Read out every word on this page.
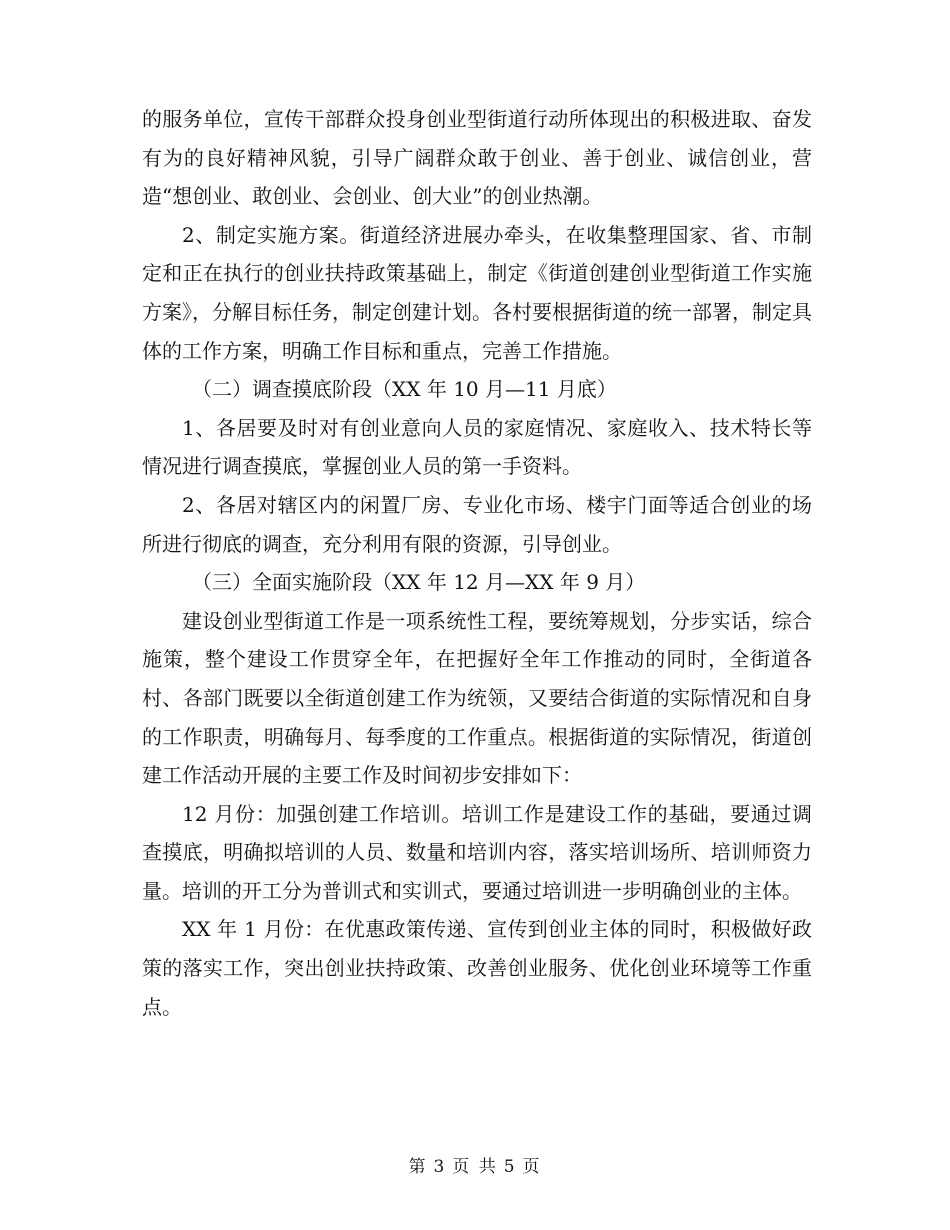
的服务单位，宣传干部群众投身创业型街道行动所体现出的积极进取、奋发有为的良好精神风貌，引导广阔群众敢于创业、善于创业、诚信创业，营造“想创业、敢创业、会创业、创大业”的创业热潮。

2、制定实施方案。街道经济进展办牵头，在收集整理国家、省、市制定和正在执行的创业扶持政策基础上，制定《街道创建创业型街道工作实施方案》，分解目标任务，制定创建计划。各村要根据街道的统一部署，制定具体的工作方案，明确工作目标和重点，完善工作措施。

（二）调查摸底阶段（XX 年 10 月—11 月底）

1、各居要及时对有创业意向人员的家庭情况、家庭收入、技术特长等情况进行调查摸底，掌握创业人员的第一手资料。

2、各居对辖区内的闲置厂房、专业化市场、楼宇门面等适合创业的场所进行彻底的调查，充分利用有限的资源，引导创业。

（三）全面实施阶段（XX 年 12 月—XX 年 9 月）

建设创业型街道工作是一项系统性工程，要统筹规划，分步实话，综合施策，整个建设工作贯穿全年，在把握好全年工作推动的同时，全街道各村、各部门既要以全街道创建工作为统领，又要结合街道的实际情况和自身的工作职责，明确每月、每季度的工作重点。根据街道的实际情况，街道创建工作活动开展的主要工作及时间初步安排如下：

12 月份：加强创建工作培训。培训工作是建设工作的基础，要通过调查摸底，明确拟培训的人员、数量和培训内容，落实培训场所、培训师资力量。培训的开工分为普训式和实训式，要通过培训进一步明确创业的主体。

XX 年 1 月份：在优惠政策传递、宣传到创业主体的同时，积极做好政策的落实工作，突出创业扶持政策、改善创业服务、优化创业环境等工作重点。

第 3 页 共 5 页
